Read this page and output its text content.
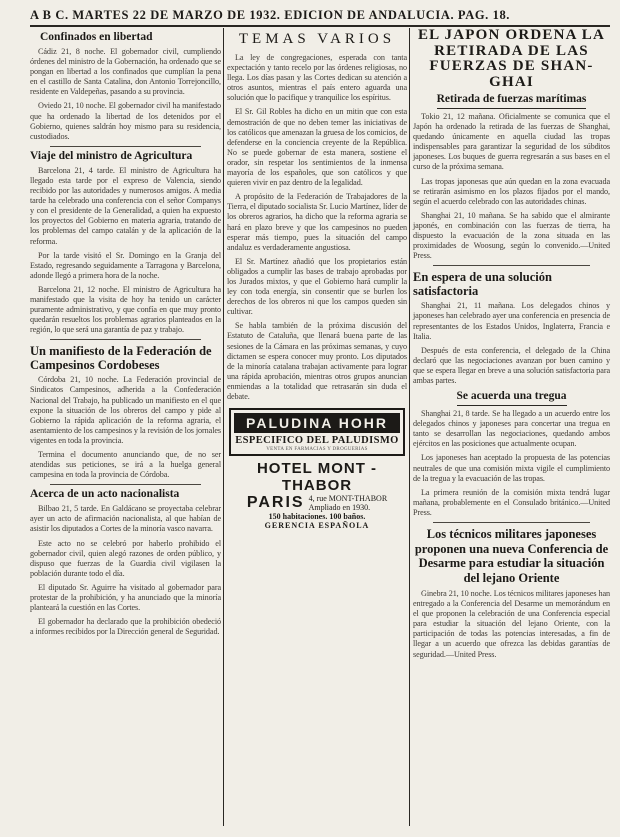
A B C. MARTES 22 DE MARZO DE 1932. EDICION DE ANDALUCIA. PAG. 18.
Confinados en libertad

Cádiz 21, 8 noche. El gobernador civil, cumpliendo órdenes del ministro de la Gobernación, ha ordenado que se pongan en libertad a los confinados que cumplían la pena en el castillo de Santa Catalina, don Antonio Torrejoncillo, residente en Valdepeñas, pasando a su provincia.

Oviedo 21, 10 noche. El gobernador civil ha manifestado que ha ordenado la libertad de los detenidos por el Gobierno, quienes saldrán hoy mismo para su residencia, custodiados.

Viaje del ministro de Agricultura

Barcelona 21, 4 tarde. El ministro de Agricultura ha llegado esta tarde por el expreso de Valencia, siendo recibido por las autoridades y numerosos amigos. A media tarde ha celebrado una conferencia con el señor Companys y con el presidente de la Generalidad, a quien ha expuesto los proyectos del Gobierno en materia agraria, tratando de los problemas del campo catalán y de la aplicación de la reforma.

Por la tarde visitó el Sr. Domingo en la Granja del Estado, regresando seguidamente a Tarragona y Barcelona, adonde llegó a primera hora de la noche.

Barcelona 21, 12 noche. El ministro de Agricultura ha manifestado que la visita de hoy ha tenido un carácter puramente administrativo, y que confía en que muy pronto quedarán resueltos los problemas agrarios planteados en la región, lo que será una garantía de paz y trabajo.

Un manifiesto de la Federación de Campesinos Cordobeses

Córdoba 21, 10 noche. La Federación provincial de Sindicatos Campesinos, adherida a la Confederación Nacional del Trabajo, ha publicado un manifiesto en el que expone la situación de los obreros del campo y pide al Gobierno la rápida aplicación de la reforma agraria, el asentamiento de los campesinos y la revisión de los jornales vigentes en toda la provincia.

Termina el documento anunciando que, de no ser atendidas sus peticiones, se irá a la huelga general campesina en toda la provincia de Córdoba.

Acerca de un acto nacionalista

Bilbao 21, 5 tarde. En Galdácano se proyectaba celebrar ayer un acto de afirmación nacionalista, al que habían de asistir los diputados a Cortes de la minoría vasco navarra.

Este acto no se celebró por haberlo prohibido el gobernador civil, quien alegó razones de orden público, y dispuso que fuerzas de la Guardia civil vigilasen la población durante todo el día.

El diputado Sr. Aguirre ha visitado al gobernador para protestar de la prohibición, y ha anunciado que la minoría planteará la cuestión en las Cortes.

El gobernador ha declarado que la prohibición obedeció a informes recibidos por la Dirección general de Seguridad.

TEMAS VARIOS

La ley de congregaciones, esperada con tanta expectación y tanto recelo por las órdenes religiosas, no llega. Los días pasan y las Cortes dedican su atención a otros asuntos, mientras el país entero aguarda una solución que lo pacifique y tranquilice los espíritus.

El Sr. Gil Robles ha dicho en un mitin que con esta demostración de que no deben temer las iniciativas de los católicos que amenazan la gruesa de los comicios, de defenderse en la conciencia creyente de la República. No se puede gobernar de esta manera, sostiene el orador, sin respetar los sentimientos de la inmensa mayoría de los españoles, que son católicos y que quieren vivir en paz dentro de la legalidad.

A propósito de la Federación de Trabajadores de la Tierra, el diputado socialista Sr. Lucio Martínez, líder de los obreros agrarios, ha dicho que la reforma agraria se hará en plazo breve y que los campesinos no pueden esperar más tiempo, pues la situación del campo andaluz es verdaderamente angustiosa.

El Sr. Martínez añadió que los propietarios están obligados a cumplir las bases de trabajo aprobadas por los Jurados mixtos, y que el Gobierno hará cumplir la ley con toda energía, sin consentir que se burlen los derechos de los obreros ni que los campos queden sin cultivar.

Se habla también de la próxima discusión del Estatuto de Cataluña, que llenará buena parte de las sesiones de la Cámara en las próximas semanas, y cuyo dictamen se espera conocer muy pronto. Los diputados de la minoría catalana trabajan activamente para lograr una rápida aprobación, mientras otros grupos anuncian enmiendas a la totalidad que retrasarán sin duda el debate.

PALUDINA HOHR
ESPECIFICO DEL PALUDISMO
VENTA EN FARMACIAS Y DROGUERIAS
HOTEL MONT - THABOR
PARIS 4, rue MONT-THABOR
Ampliado en 1930.
150 habitaciones. 100 baños.
GERENCIA ESPAÑOLA
EL JAPON ORDENA LA RETIRADA DE LAS FUERZAS DE SHAN-GHAI
Retirada de fuerzas marítimas

Tokio 21, 12 mañana. Oficialmente se comunica que el Japón ha ordenado la retirada de las fuerzas de Shanghai, quedando únicamente en aquella ciudad las tropas indispensables para garantizar la seguridad de los súbditos japoneses. Los buques de guerra regresarán a sus bases en el curso de la próxima semana.

Las tropas japonesas que aún quedan en la zona evacuada se retirarán asimismo en los plazos fijados por el mando, según el acuerdo celebrado con las autoridades chinas.

Shanghai 21, 10 mañana. Se ha sabido que el almirante japonés, en combinación con las fuerzas de tierra, ha dispuesto la evacuación de la zona situada en las proximidades de Woosung, según lo convenido.—United Press.

En espera de una solución satisfactoria

Shanghai 21, 11 mañana. Los delegados chinos y japoneses han celebrado ayer una conferencia en presencia de representantes de los Estados Unidos, Inglaterra, Francia e Italia.

Después de esta conferencia, el delegado de la China declaró que las negociaciones avanzan por buen camino y que se espera llegar en breve a una solución satisfactoria para ambas partes.

Se acuerda una tregua

Shanghai 21, 8 tarde. Se ha llegado a un acuerdo entre los delegados chinos y japoneses para concertar una tregua en tanto se desarrollan las negociaciones, quedando ambos ejércitos en las posiciones que actualmente ocupan.

Los japoneses han aceptado la propuesta de las potencias neutrales de que una comisión mixta vigile el cumplimiento de la tregua y la evacuación de las tropas.

La primera reunión de la comisión mixta tendrá lugar mañana, probablemente en el Consulado británico.—United Press.

Los técnicos militares japoneses proponen una nueva Conferencia de Desarme para estudiar la situación del lejano Oriente

Ginebra 21, 10 noche. Los técnicos militares japoneses han entregado a la Conferencia del Desarme un memorándum en el que proponen la celebración de una Conferencia especial para estudiar la situación del lejano Oriente, con la participación de todas las potencias interesadas, a fin de llegar a un acuerdo que ofrezca las debidas garantías de seguridad.—United Press.
